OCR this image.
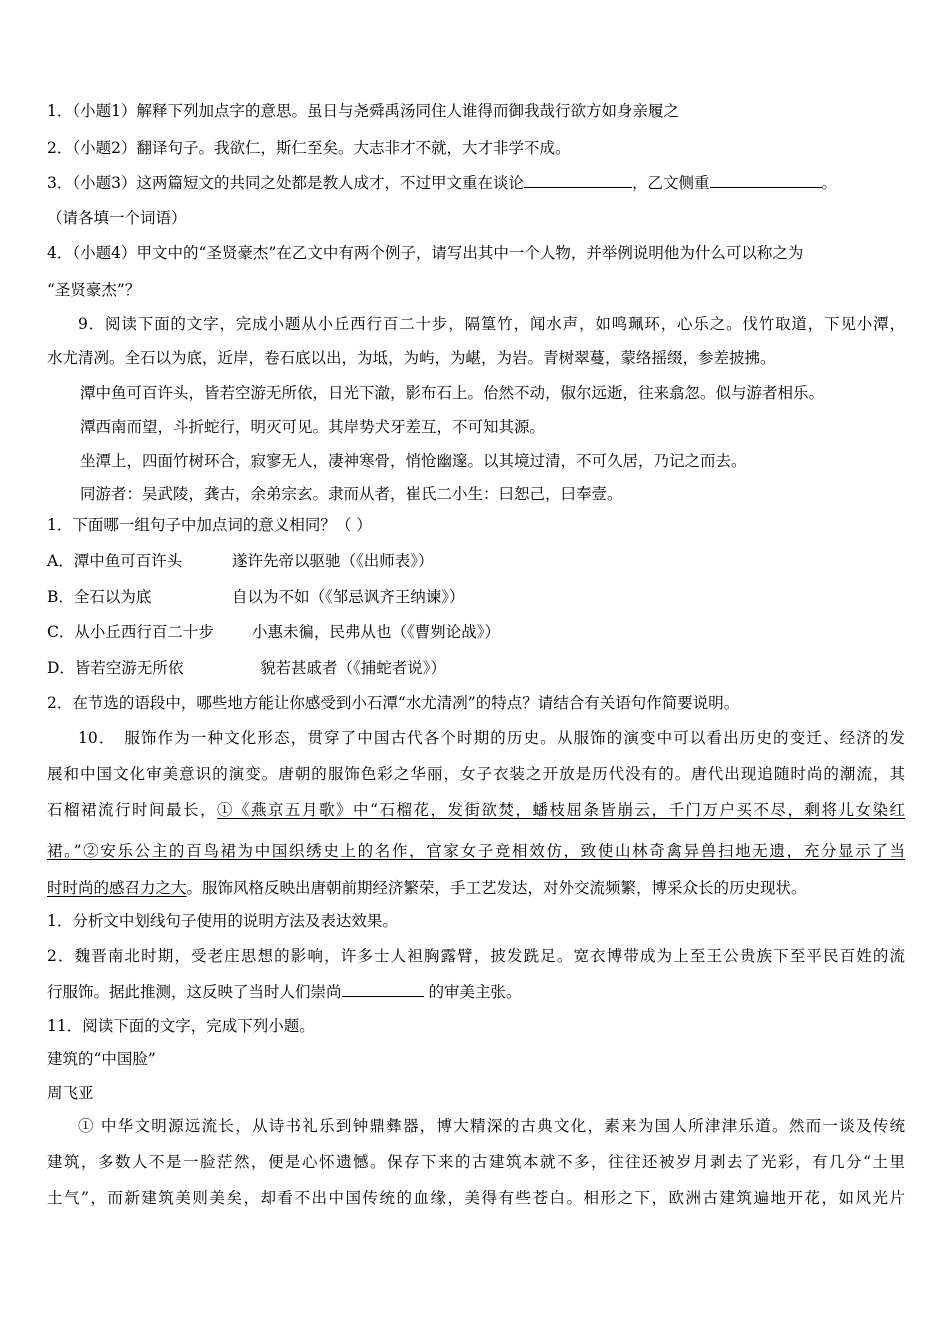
1．（小题1）解释下列加点字的意思。虽日与尧舜禹汤同住人谁得而御我哉行欲方如身亲履之
2．（小题2）翻译句子。我欲仁，斯仁至矣。大志非才不就，大才非学不成。
3．（小题3）这两篇短文的共同之处都是教人成才，不过甲文重在谈论	，乙文侧重	。
（请各填一个词语）
4．（小题4）甲文中的“圣贤豪杰”在乙文中有两个例子，请写出其中一个人物，并举例说明他为什么可以称之为
“圣贤豪杰”？
9．阅读下面的文字，完成小题从小丘西行百二十步，隔篁竹，闻水声，如鸣珮环，心乐之。伐竹取道，下见小潭，
水尤清冽。全石以为底，近岸，卷石底以出，为坻，为屿，为嵁，为岩。青树翠蔓，蒙络摇缀，参差披拂。
潭中鱼可百许头，皆若空游无所依，日光下澈，影布石上。佁然不动，俶尔远逝，往来翕忽。似与游者相乐。
潭西南而望，斗折蛇行，明灭可见。其岸势犬牙差互，不可知其源。
坐潭上，四面竹树环合，寂寥无人，凄神寒骨，悄怆幽邃。以其境过清，不可久居，乃记之而去。
同游者：吴武陵，龚古，余弟宗玄。隶而从者，崔氏二小生：曰恕己，曰奉壹。
1．下面哪一组句子中加点词的意义相同？（ ）
A．潭中鱼可百许头	遂许先帝以驱驰（《出师表》）
B．全石以为底	自以为不如（《邹忌讽齐王纳谏》）
C．从小丘西行百二十步 小惠未徧，民弗从也（《曹刿论战》）
D．皆若空游无所依	貌若甚戚者（《捕蛇者说》）
2．在节选的语段中，哪些地方能让你感受到小石潭“水尤清冽”的特点？请结合有关语句作简要说明。
10．　服饰作为一种文化形态，贯穿了中国古代各个时期的历史。从服饰的演变中可以看出历史的变迁、经济的发
展和中国文化审美意识的演变。唐朝的服饰色彩之华丽，女子衣装之开放是历代没有的。唐代出现追随时尚的潮流，其
石榴裙流行时间最长，①《燕京五月歌》中“石榴花，发街欲焚，蟠枝屈条皆崩云，千门万户买不尽，剩将儿女染红
裙。”②安乐公主的百鸟裙为中国织绣史上的名作，官家女子竞相效仿，致使山林奇禽异兽扫地无遗，充分显示了当
时时尚的感召力之大。服饰风格反映出唐朝前期经济繁荣，手工艺发达，对外交流频繁，博采众长的历史现状。
1．分析文中划线句子使用的说明方法及表达效果。
2．魏晋南北时期，受老庄思想的影响，许多士人袒胸露臂，披发跣足。宽衣博带成为上至王公贵族下至平民百姓的流
行服饰。据此推测，这反映了当时人们崇尚	的审美主张。
11．阅读下面的文字，完成下列小题。
建筑的“中国脸”
周飞亚
① 中华文明源远流长，从诗书礼乐到钟鼎彝器，博大精深的古典文化，素来为国人所津津乐道。然而一谈及传统
建筑，多数人不是一脸茫然，便是心怀遗憾。保存下来的古建筑本就不多，往往还被岁月剥去了光彩，有几分“土里
土气”，而新建筑美则美矣，却看不出中国传统的血缘，美得有些苍白。相形之下，欧洲古建筑遍地开花，如风光片
